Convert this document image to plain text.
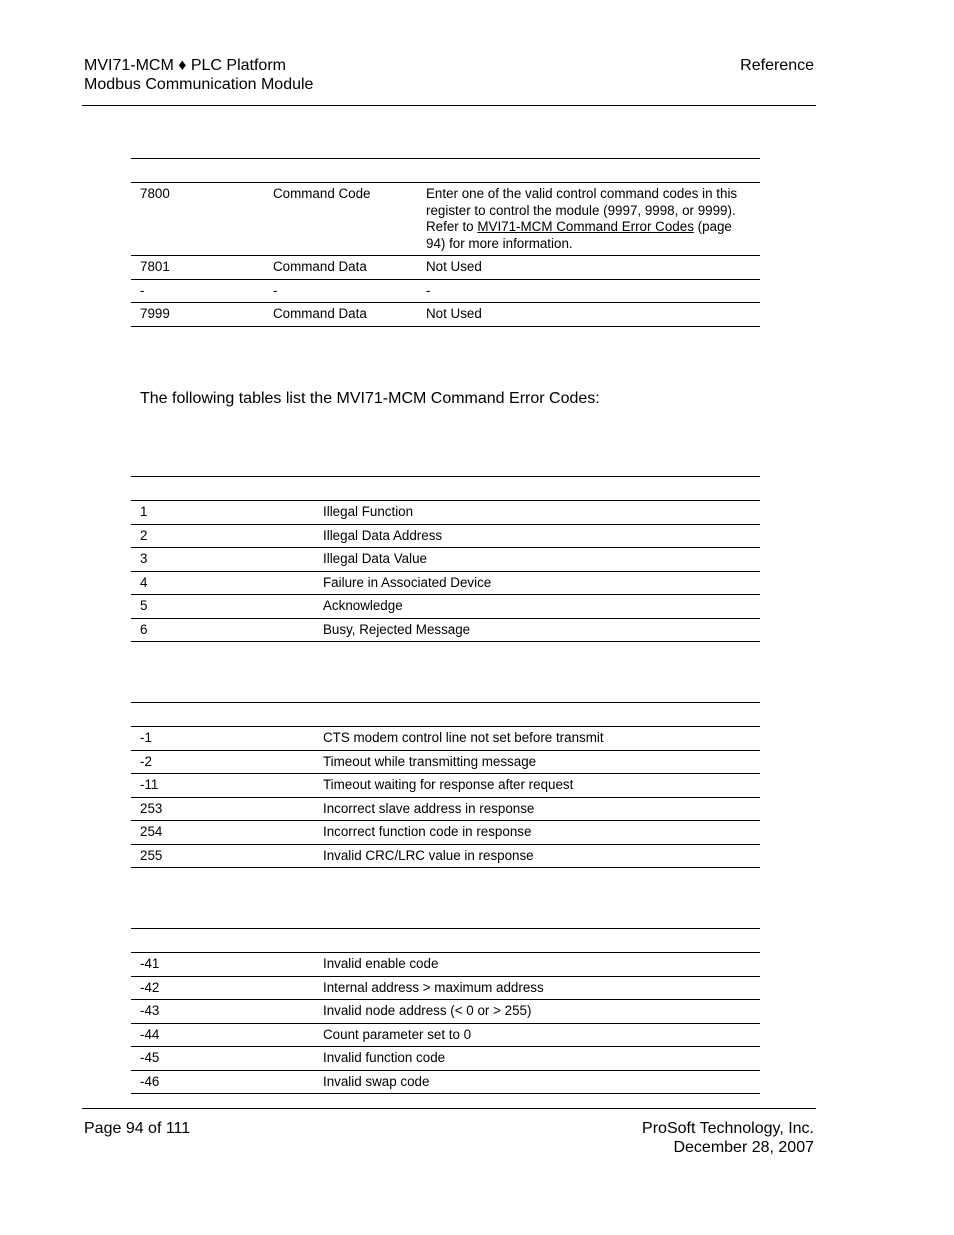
MVI71-MCM ♦ PLC Platform
Modbus Communication Module
Reference

7800	Command Code	Enter one of the valid control command codes in this register to control the module (9997, 9998, or 9999). Refer to MVI71-MCM Command Error Codes (page 94) for more information.
7801	Command Data	Not Used
-	-	-
7999	Command Data	Not Used
The following tables list the MVI71-MCM Command Error Codes:

1	Illegal Function
2	Illegal Data Address
3	Illegal Data Value
4	Failure in Associated Device
5	Acknowledge
6	Busy, Rejected Message

-1	CTS modem control line not set before transmit
-2	Timeout while transmitting message
-11	Timeout waiting for response after request
253	Incorrect slave address in response
254	Incorrect function code in response
255	Invalid CRC/LRC value in response

-41	Invalid enable code
-42	Internal address > maximum address
-43	Invalid node address (< 0 or > 255)
-44	Count parameter set to 0
-45	Invalid function code
-46	Invalid swap code
Page 94 of 111	ProSoft Technology, Inc.
December 28, 2007
